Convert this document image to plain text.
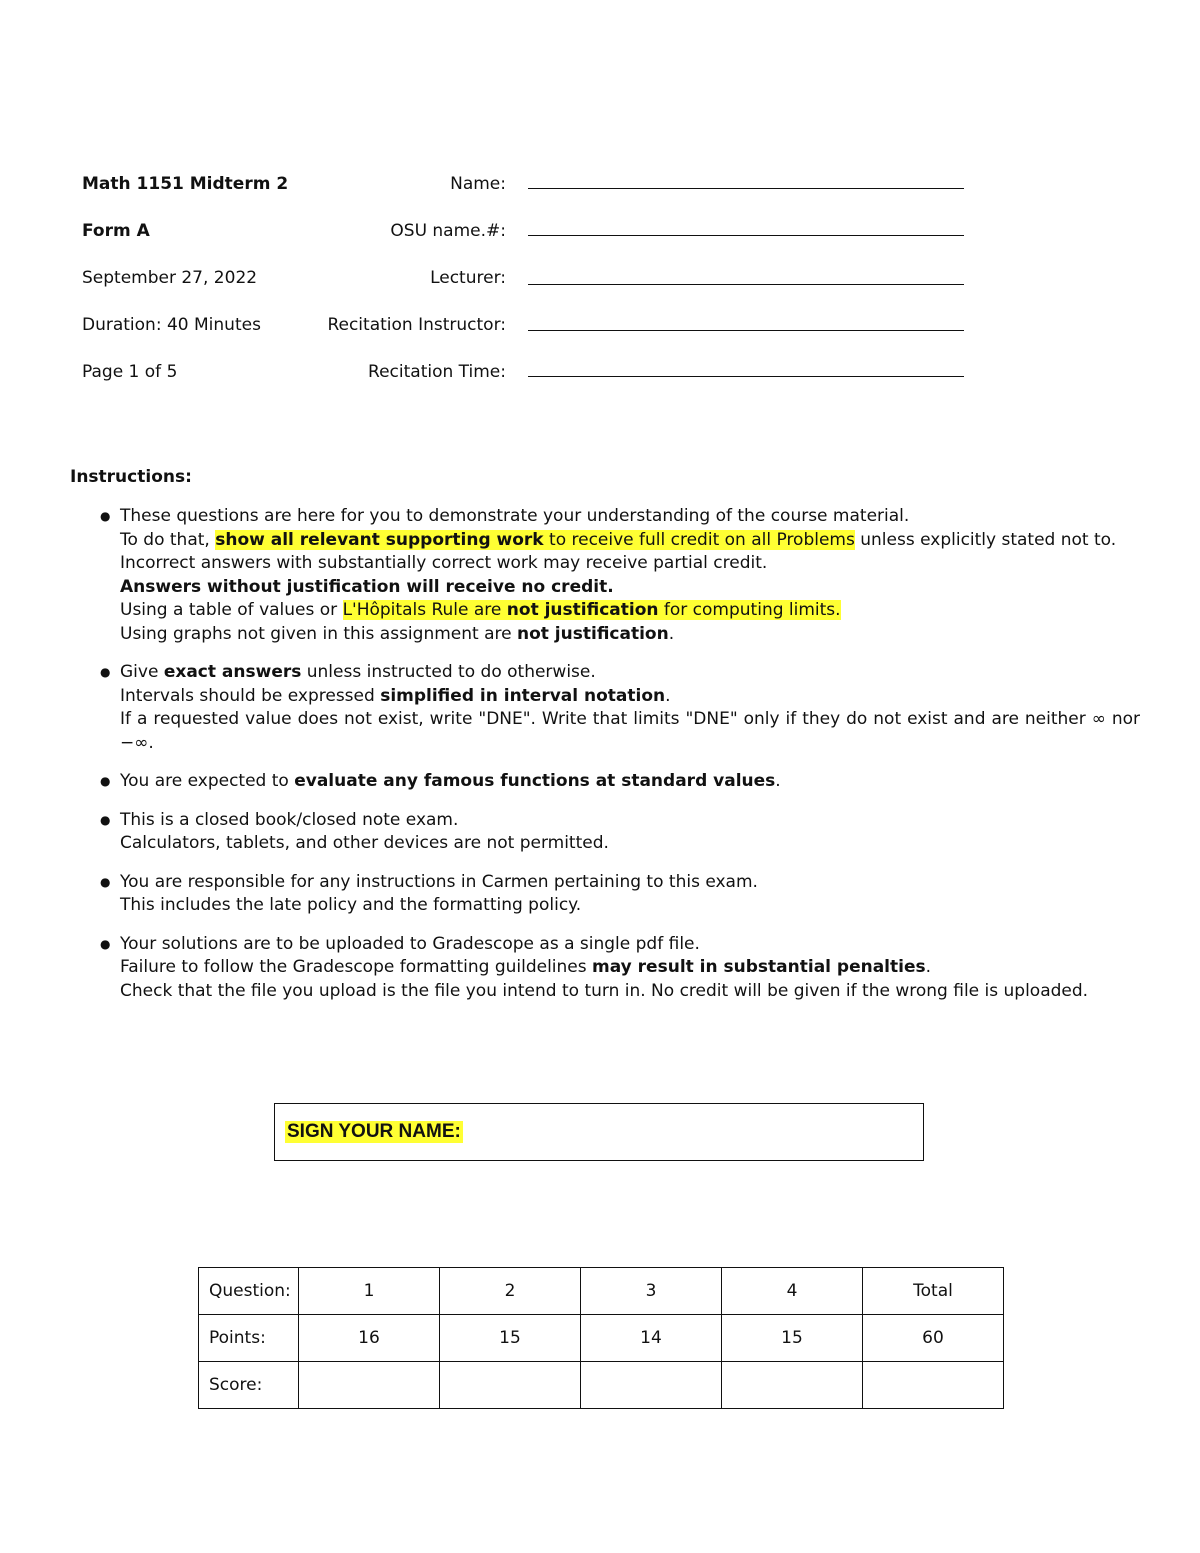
Math 1151 Midterm 2
Form A
September 27, 2022
Duration: 40 Minutes
Page 1 of 5
Name:
OSU name.#:
Lecturer:
Recitation Instructor:
Recitation Time:
Instructions:
● These questions are here for you to demonstrate your understanding of the course material.
To do that, show all relevant supporting work to receive full credit on all Problems unless explicitly stated not to.
Incorrect answers with substantially correct work may receive partial credit.
Answers without justification will receive no credit.
Using a table of values or L'Hôpitals Rule are not justification for computing limits.
Using graphs not given in this assignment are not justification.
● Give exact answers unless instructed to do otherwise.
Intervals should be expressed simplified in interval notation.
If a requested value does not exist, write "DNE". Write that limits "DNE" only if they do not exist and are neither ∞ nor −∞.
● You are expected to evaluate any famous functions at standard values.
● This is a closed book/closed note exam.
Calculators, tablets, and other devices are not permitted.
● You are responsible for any instructions in Carmen pertaining to this exam.
This includes the late policy and the formatting policy.
● Your solutions are to be uploaded to Gradescope as a single pdf file.
Failure to follow the Gradescope formatting guildelines may result in substantial penalties.
Check that the file you upload is the file you intend to turn in. No credit will be given if the wrong file is uploaded.
SIGN YOUR NAME:
Question:	1	2	3	4	Total
Points:	16	15	14	15	60
Score:					
